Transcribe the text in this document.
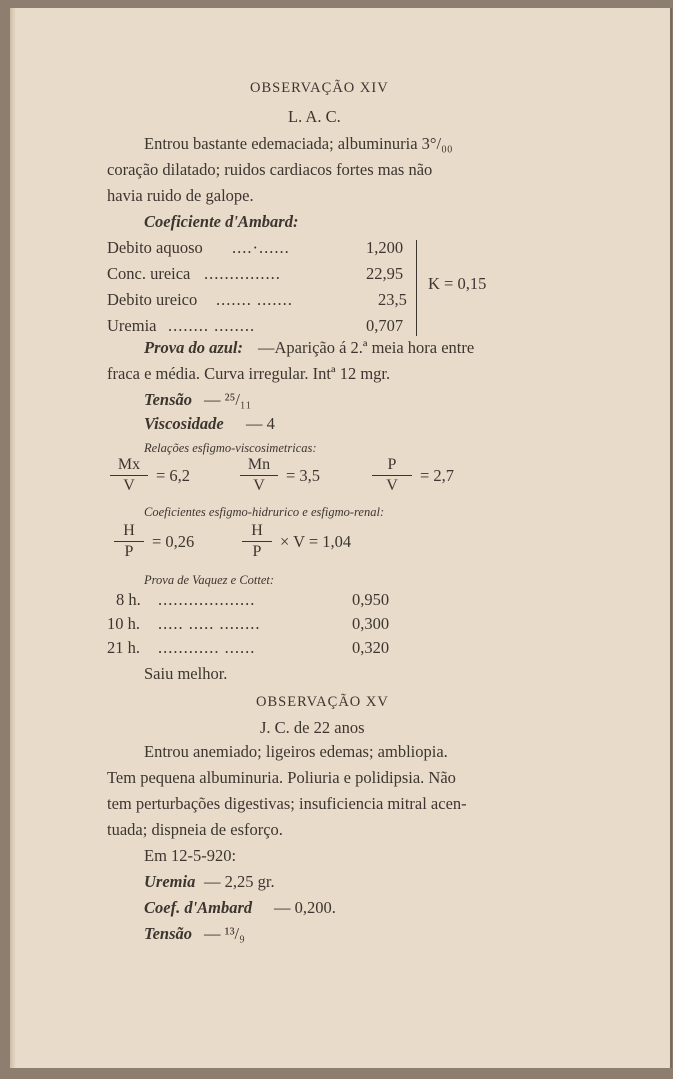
OBSERVAÇÃO XIV
L. A. C.
Entrou bastante edemaciada; albuminuria 3°/₀₀
coração dilatado; ruidos cardiacos fortes mas não
havia ruido de galope.
Coeficiente d'Ambard:
Debito aquoso ....·......	1,200
Conc. ureica ...............	22,95
Debito ureico ....... .......	23,5
Uremia ........ ........	0,707
K = 0,15
Prova do azul: —Aparição á 2.ª meia hora entre
fraca e média. Curva irregular. Intª 12 mgr.
Tensão — ²⁵/₁₁
Viscosidade — 4
Relações esfigmo-viscosimetricas:
Mx
V
= 6,2
Mn
V
= 3,5
P
V
= 2,7
Coeficientes esfigmo-hidrurico e esfigmo-renal:
H
P
= 0,26
H
P
× V = 1,04
Prova de Vaquez e Cottet:
8 h. ...................	0,950
10 h. ..... ..... ........	0,300
21 h. ............ ......	0,320
Saiu melhor.
OBSERVAÇÃO XV
J. C. de 22 anos
Entrou anemiado; ligeiros edemas; ambliopia.
Tem pequena albuminuria. Poliuria e polidipsia. Não
tem perturbações digestivas; insuficiencia mitral acen-
tuada; dispneia de esforço.
Em 12-5-920:
Uremia — 2,25 gr.
Coef. d'Ambard — 0,200.
Tensão — ¹³/₉
